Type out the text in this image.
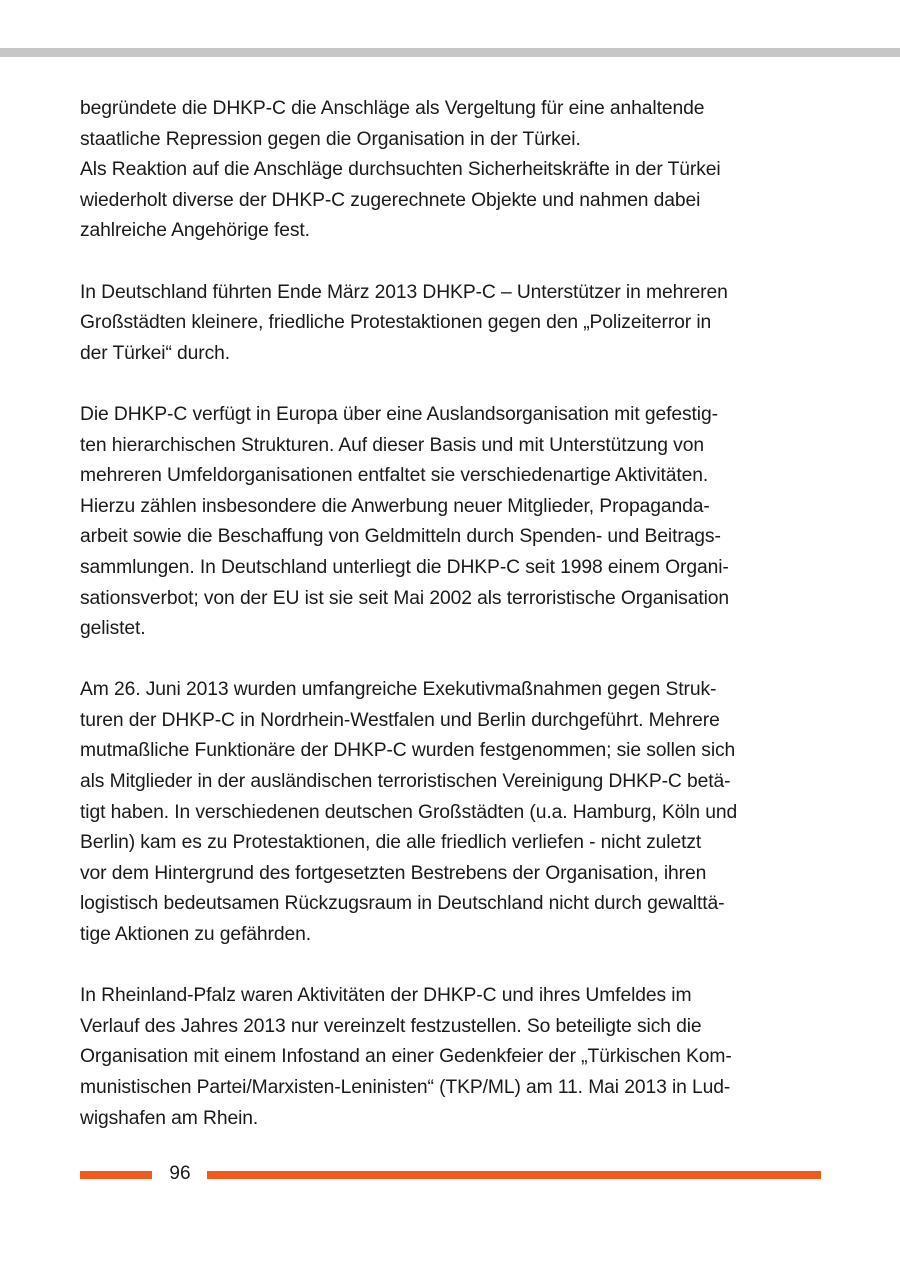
begründete die DHKP-C die Anschläge als Vergeltung für eine anhaltende
staatliche Repression gegen die Organisation in der Türkei.
Als Reaktion auf die Anschläge durchsuchten Sicherheitskräfte in der Türkei
wiederholt diverse der DHKP-C zugerechnete Objekte und nahmen dabei
zahlreiche Angehörige fest.

In Deutschland führten Ende März 2013 DHKP-C – Unterstützer in mehreren
Großstädten kleinere, friedliche Protestaktionen gegen den „Polizeiterror in
der Türkei“ durch.

Die DHKP-C verfügt in Europa über eine Auslandsorganisation mit gefestig-
ten hierarchischen Strukturen. Auf dieser Basis und mit Unterstützung von
mehreren Umfeldorganisationen entfaltet sie verschiedenartige Aktivitäten.
Hierzu zählen insbesondere die Anwerbung neuer Mitglieder, Propaganda-
arbeit sowie die Beschaffung von Geldmitteln durch Spenden- und Beitrags-
sammlungen. In Deutschland unterliegt die DHKP-C seit 1998 einem Organi-
sationsverbot; von der EU ist sie seit Mai 2002 als terroristische Organisation
gelistet.

Am 26. Juni 2013 wurden umfangreiche Exekutivmaßnahmen gegen Struk-
turen der DHKP-C in Nordrhein-Westfalen und Berlin durchgeführt. Mehrere
mutmaßliche Funktionäre der DHKP-C wurden festgenommen; sie sollen sich
als Mitglieder in der ausländischen terroristischen Vereinigung DHKP-C betä-
tigt haben. In verschiedenen deutschen Großstädten (u.a. Hamburg, Köln und
Berlin) kam es zu Protestaktionen, die alle friedlich verliefen - nicht zuletzt
vor dem Hintergrund des fortgesetzten Bestrebens der Organisation, ihren
logistisch bedeutsamen Rückzugsraum in Deutschland nicht durch gewalttä-
tige Aktionen zu gefährden.

In Rheinland-Pfalz waren Aktivitäten der DHKP-C und ihres Umfeldes im
Verlauf des Jahres 2013 nur vereinzelt festzustellen. So beteiligte sich die
Organisation mit einem Infostand an einer Gedenkfeier der „Türkischen Kom-
munistischen Partei/Marxisten-Leninisten“ (TKP/ML) am 11. Mai 2013 in Lud-
wigshafen am Rhein.

96
